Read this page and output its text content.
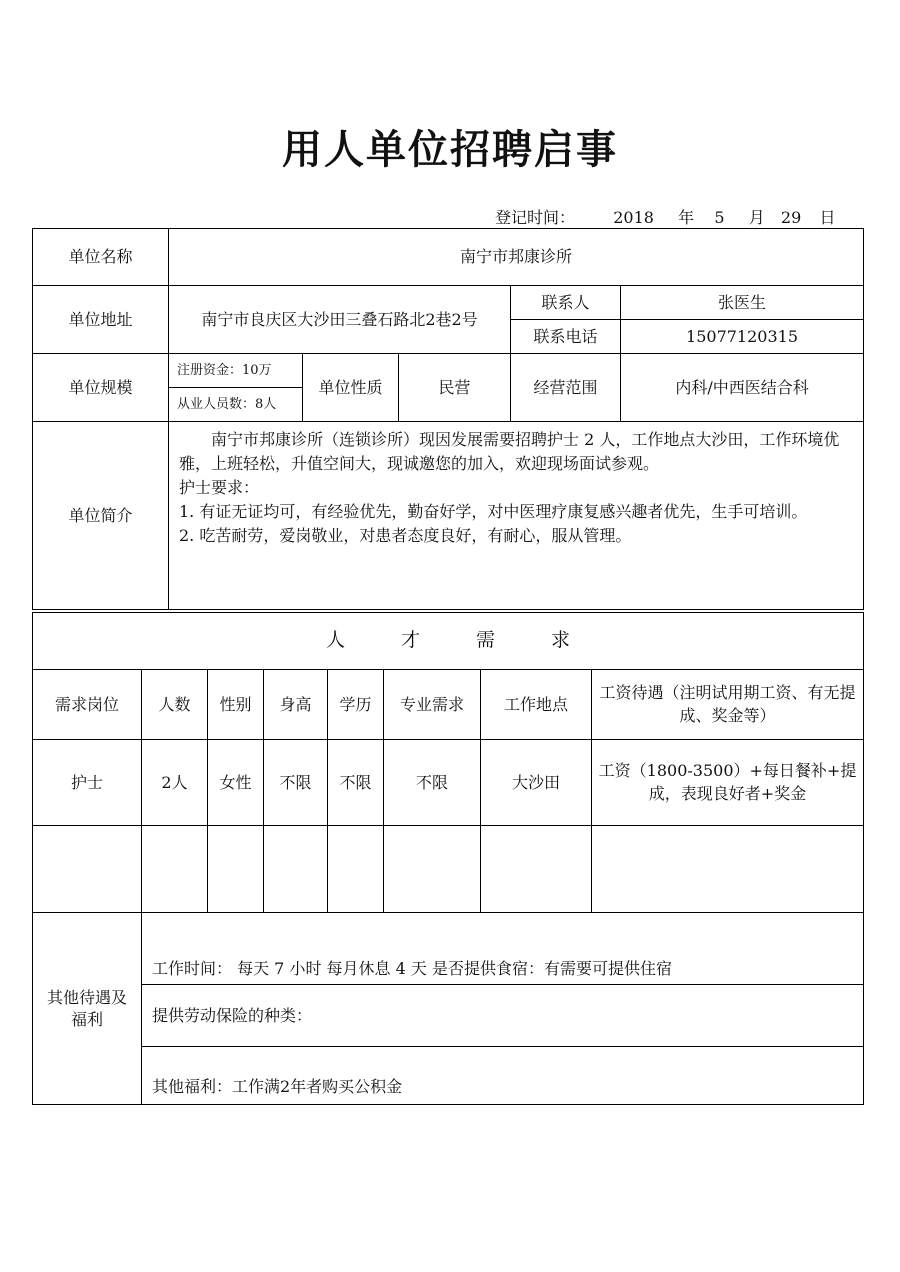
用人单位招聘启事
登记时间： 2018 年 5 月 29 日
单位名称	南宁市邦康诊所				
单位地址	南宁市良庆区大沙田三叠石路北2巷2号			联系人	张医生
				联系电话	15077120315
单位规模	注册资金：10万	单位性质	民营	经营范围	内科/中西医结合科
	从业人员数：8人				
单位简介	南宁市邦康诊所（连锁诊所）现因发展需要招聘护士 2 人，工作地点大沙田，工作环境优雅，上班轻松，升值空间大，现诚邀您的加入，欢迎现场面试参观。

护士要求：

1. 有证无证均可，有经验优先，勤奋好学，对中医理疗康复感兴趣者优先，生手可培训。

2. 吃苦耐劳，爱岗敬业，对患者态度良好，有耐心，服从管理。				

人才需求							
需求岗位	人数	性别	身高	学历	专业需求	工作地点	工资待遇（注明试用期工资、有无提成、奖金等）
护士	2人	女性	不限	不限	不限	大沙田	工资（1800-3500）+每日餐补+提成，表现良好者+奖金

其他待遇及福利	工作时间： 每天 7 小时 每月休息 4 天 是否提供食宿：有需要可提供住宿
提供劳动保险的种类：
其他福利：工作满2年者购买公积金
